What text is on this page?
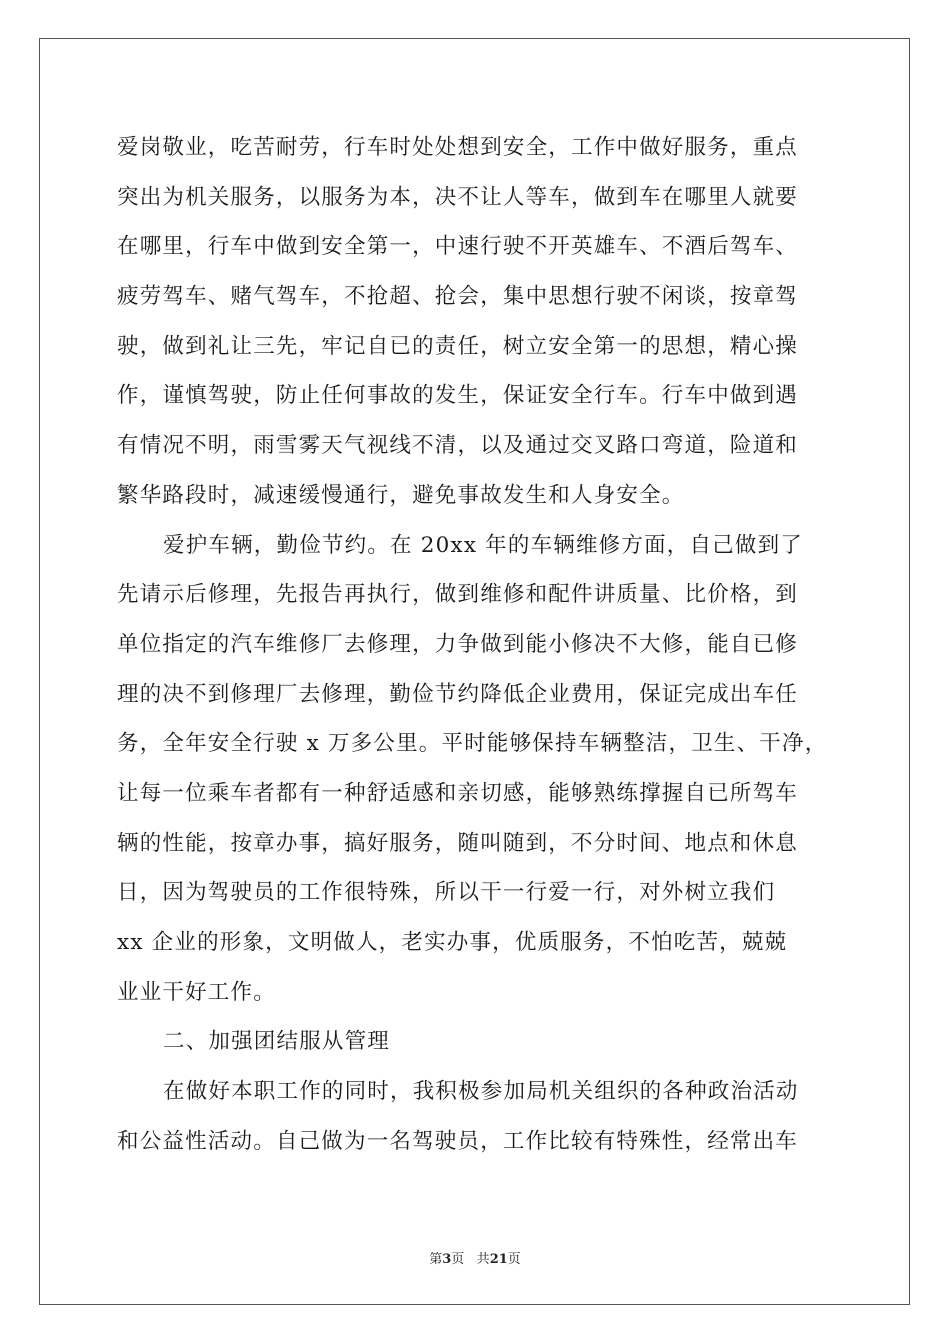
爱岗敬业，吃苦耐劳，行车时处处想到安全，工作中做好服务，重点
突出为机关服务，以服务为本，决不让人等车，做到车在哪里人就要
在哪里，行车中做到安全第一，中速行驶不开英雄车、不酒后驾车、
疲劳驾车、赌气驾车，不抢超、抢会，集中思想行驶不闲谈，按章驾
驶，做到礼让三先，牢记自已的责任，树立安全第一的思想，精心操
作，谨慎驾驶，防止任何事故的发生，保证安全行车。行车中做到遇
有情况不明，雨雪雾天气视线不清，以及通过交叉路口弯道，险道和
繁华路段时，减速缓慢通行，避免事故发生和人身安全。
爱护车辆，勤俭节约。在 20xx 年的车辆维修方面，自己做到了
先请示后修理，先报告再执行，做到维修和配件讲质量、比价格，到
单位指定的汽车维修厂去修理，力争做到能小修决不大修，能自已修
理的决不到修理厂去修理，勤俭节约降低企业费用，保证完成出车任
务，全年安全行驶 x 万多公里。平时能够保持车辆整洁，卫生、干净，
让每一位乘车者都有一种舒适感和亲切感，能够熟练撑握自已所驾车
辆的性能，按章办事，搞好服务，随叫随到，不分时间、地点和休息
日，因为驾驶员的工作很特殊，所以干一行爱一行，对外树立我们
xx 企业的形象，文明做人，老实办事，优质服务，不怕吃苦，兢兢
业业干好工作。
二、加强团结服从管理
在做好本职工作的同时，我积极参加局机关组织的各种政治活动
和公益性活动。自己做为一名驾驶员，工作比较有特殊性，经常出车
第3页 共21页
